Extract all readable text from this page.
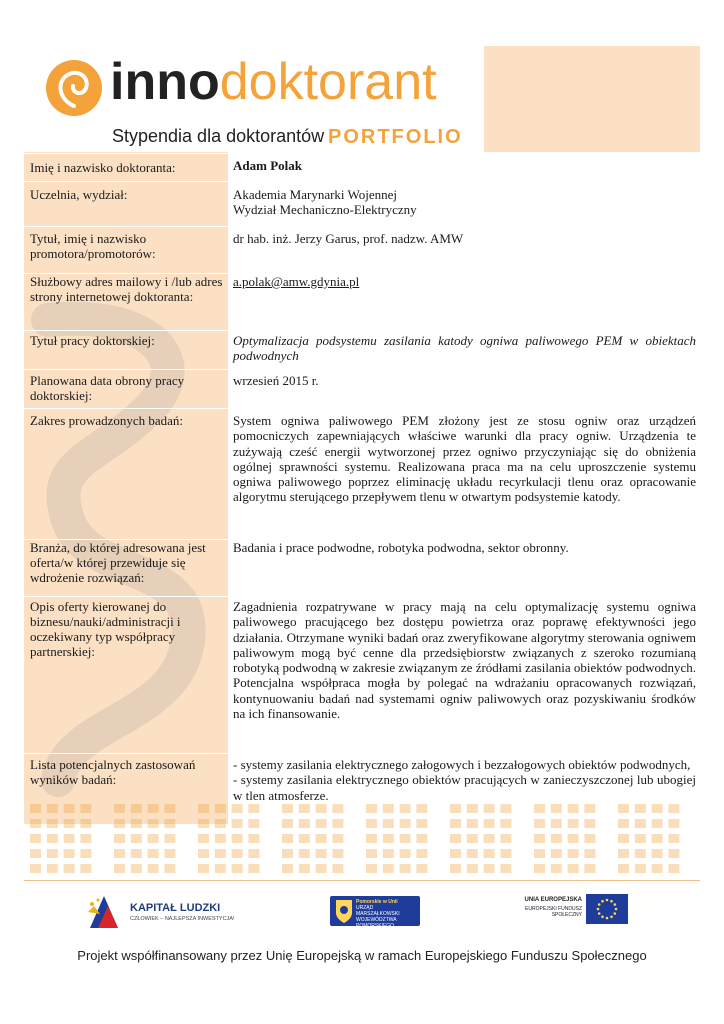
innodoktorant
Stypendia dla doktorantów PORTFOLIO
Imię i nazwisko doktoranta:	Adam Polak
Uczelnia, wydział:	Akademia Marynarki Wojennej
Wydział Mechaniczno-Elektryczny
Tytuł, imię i nazwisko promotora/promotorów:
dr hab. inż. Jerzy Garus, prof. nadzw. AMW
Służbowy adres mailowy i /lub adres strony internetowej doktoranta:
a.polak@amw.gdynia.pl
Tytuł pracy doktorskiej:	Optymalizacja podsystemu zasilania katody ogniwa paliwowego PEM w obiektach podwodnych
Planowana data obrony pracy doktorskiej:
wrzesień 2015 r.
Zakres prowadzonych badań:	System ogniwa paliwowego PEM złożony jest ze stosu ogniw oraz urządzeń pomocniczych zapewniających właściwe warunki dla pracy ogniw. Urządzenia te zużywają cześć energii wytworzonej przez ogniwo przyczyniając się do obniżenia ogólnej sprawności systemu. Realizowana praca ma na celu uproszczenie systemu ogniwa paliwowego poprzez eliminację układu recyrkulacji tlenu oraz opracowanie algorytmu sterującego przepływem tlenu w otwartym podsystemie katody.
Branża, do której adresowana jest oferta/w której przewiduje się wdrożenie rozwiązań:
Badania i prace podwodne, robotyka podwodna, sektor obronny.
Opis oferty kierowanej do biznesu/nauki/administracji i oczekiwany typ współpracy partnerskiej:
Zagadnienia rozpatrywane w pracy mają na celu optymalizację systemu ogniwa paliwowego pracującego bez dostępu powietrza oraz poprawę efektywności jego działania. Otrzymane wyniki badań oraz zweryfikowane algorytmy sterowania ogniwem paliwowym mogą być cenne dla przedsiębiorstw związanych z szeroko rozumianą robotyką podwodną w zakresie związanym ze źródłami zasilania obiektów podwodnych. Potencjalna współpraca mogła by polegać na wdrażaniu opracowanych rozwiązań, kontynuowaniu badań nad systemami ogniw paliwowych oraz pozyskiwaniu środków na ich finansowanie.
Lista potencjalnych zastosowań wyników badań:
- systemy zasilania elektrycznego załogowych i bezzałogowych obiektów podwodnych,
- systemy zasilania elektrycznego obiektów pracujących w zanieczyszczonej lub ubogiej w tlen atmosferze.
KAPITAŁ LUDZKI
CZŁOWIEK – NAJLEPSZA INWESTYCJA!
Pomorskie w Unii
URZĄD MARSZAŁKOWSKI WOJEWÓDZTWA POMORSKIEGO
UNIA EUROPEJSKA
EUROPEJSKI FUNDUSZ SPOŁECZNY
Projekt współfinansowany przez Unię Europejską w ramach Europejskiego Funduszu Społecznego
